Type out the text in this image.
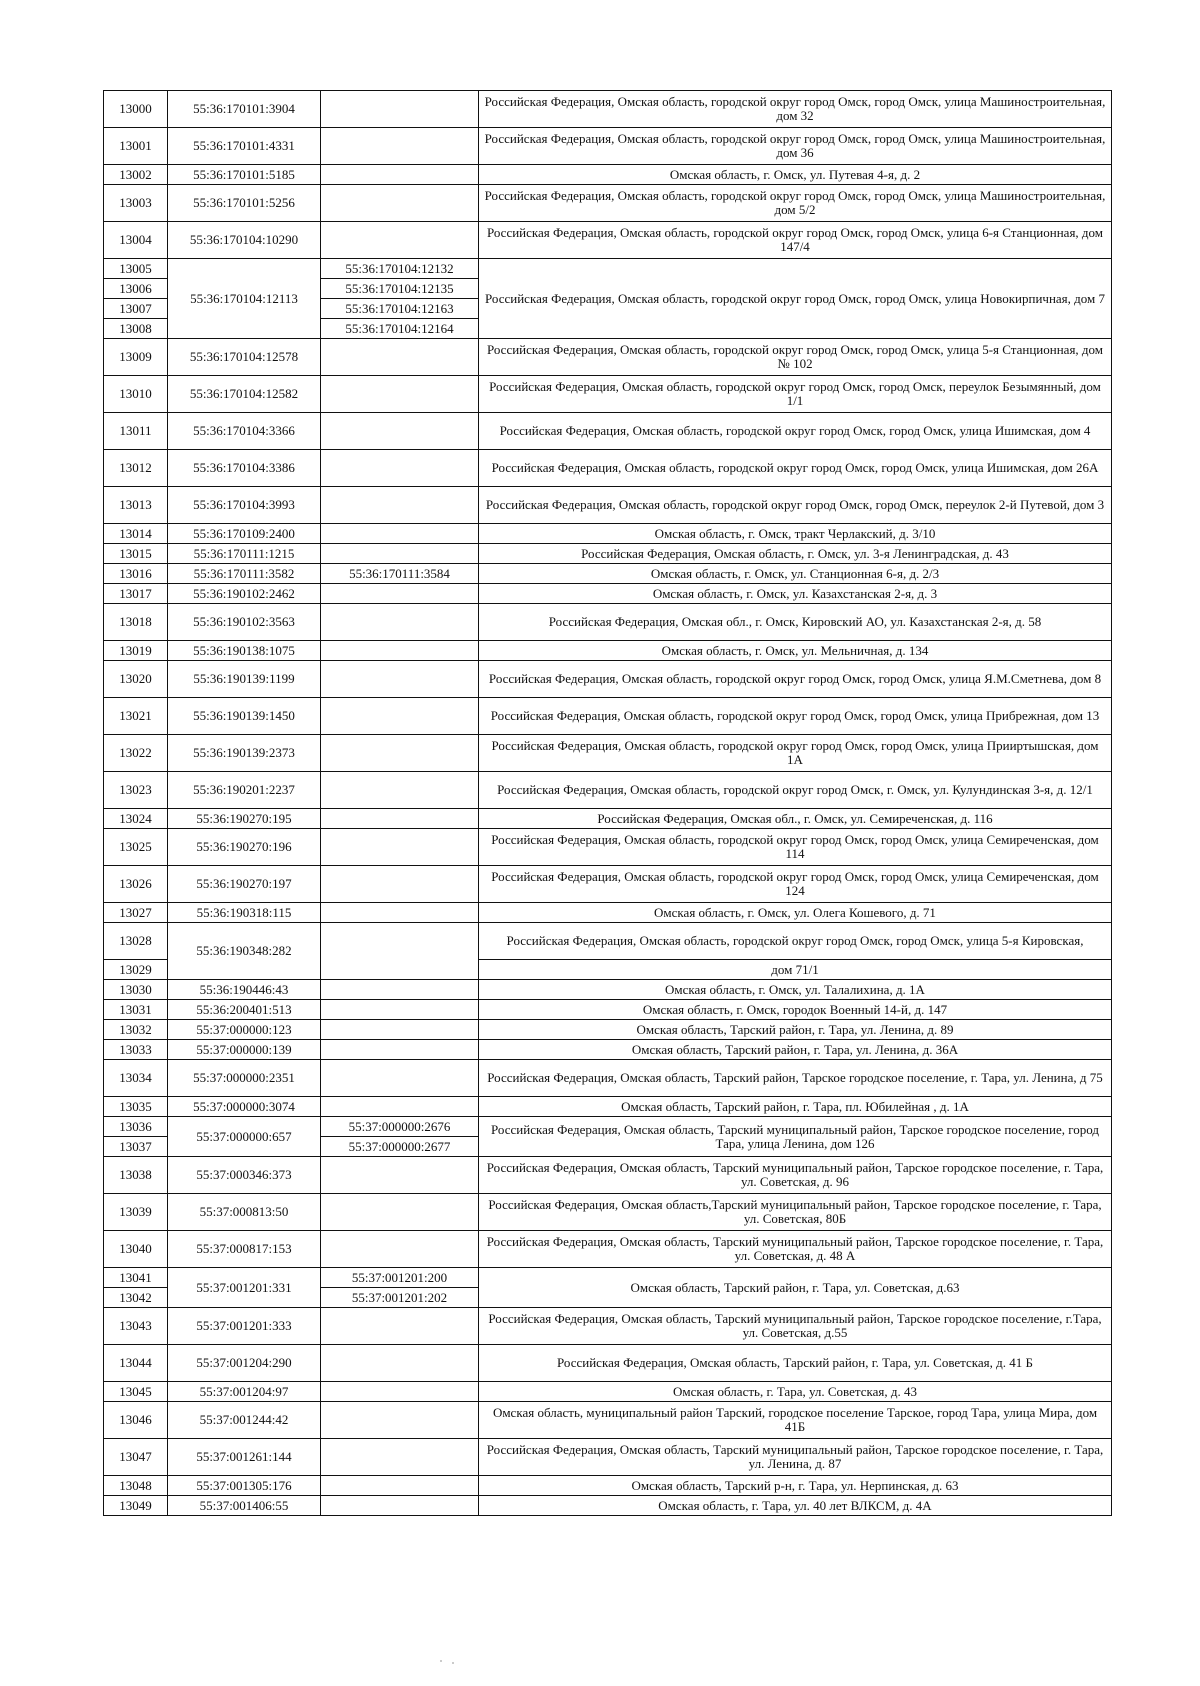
13000	55:36:170101:3904		Российская Федерация, Омская область, городской округ город Омск, город Омск, улица Машиностроительная, дом 32
13001	55:36:170101:4331		Российская Федерация, Омская область, городской округ город Омск, город Омск, улица Машиностроительная, дом 36
13002	55:36:170101:5185		Омская область, г. Омск, ул. Путевая 4-я, д. 2
13003	55:36:170101:5256		Российская Федерация, Омская область, городской округ город Омск, город Омск, улица Машиностроительная, дом 5/2
13004	55:36:170104:10290		Российская Федерация, Омская область, городской округ город Омск, город Омск, улица 6-я Станционная, дом 147/4
13005	55:36:170104:12113	55:36:170104:12132	Российская Федерация, Омская область, городской округ город Омск, город Омск, улица Новокирпичная, дом 7
13006		55:36:170104:12135	
13007		55:36:170104:12163	
13008		55:36:170104:12164	
13009	55:36:170104:12578		Российская Федерация, Омская область, городской округ город Омск, город Омск, улица 5-я Станционная, дом № 102
13010	55:36:170104:12582		Российская Федерация, Омская область, городской округ город Омск, город Омск, переулок Безымянный, дом 1/1
13011	55:36:170104:3366		Российская Федерация, Омская область, городской округ город Омск, город Омск, улица Ишимская, дом 4
13012	55:36:170104:3386		Российская Федерация, Омская область, городской округ город Омск, город Омск, улица Ишимская, дом 26А
13013	55:36:170104:3993		Российская Федерация, Омская область, городской округ город Омск, город Омск, переулок 2-й Путевой, дом 3
13014	55:36:170109:2400		Омская область, г. Омск, тракт Черлакский, д. 3/10
13015	55:36:170111:1215		Российская Федерация, Омская область, г. Омск, ул. 3-я Ленинградская, д. 43
13016	55:36:170111:3582	55:36:170111:3584	Омская область, г. Омск, ул. Станционная 6-я, д. 2/3
13017	55:36:190102:2462		Омская область, г. Омск, ул. Казахстанская 2-я, д. 3
13018	55:36:190102:3563		Российская Федерация, Омская обл., г. Омск, Кировский АО, ул. Казахстанская 2-я, д. 58
13019	55:36:190138:1075		Омская область, г. Омск, ул. Мельничная, д. 134
13020	55:36:190139:1199		Российская Федерация, Омская область, городской округ город Омск, город Омск, улица Я.М.Сметнева, дом 8
13021	55:36:190139:1450		Российская Федерация, Омская область, городской округ город Омск, город Омск, улица Прибрежная, дом 13
13022	55:36:190139:2373		Российская Федерация, Омская область, городской округ город Омск, город Омск, улица Прииртышская, дом 1А
13023	55:36:190201:2237		Российская Федерация, Омская область, городской округ город Омск, г. Омск, ул. Кулундинская 3-я, д. 12/1
13024	55:36:190270:195		Российская Федерация, Омская обл., г. Омск, ул. Семиреченская, д. 116
13025	55:36:190270:196		Российская Федерация, Омская область, городской округ город Омск, город Омск, улица Семиреченская, дом 114
13026	55:36:190270:197		Российская Федерация, Омская область, городской округ город Омск, город Омск, улица Семиреченская, дом 124
13027	55:36:190318:115		Омская область, г. Омск, ул. Олега Кошевого, д. 71
13028	55:36:190348:282		Российская Федерация, Омская область, городской округ город Омск, город Омск, улица 5-я Кировская,
13029			дом 71/1
13030	55:36:190446:43		Омская область, г. Омск, ул. Талалихина, д. 1А
13031	55:36:200401:513		Омская область, г. Омск, городок Военный 14-й, д. 147
13032	55:37:000000:123		Омская область, Тарский район, г. Тара, ул. Ленина, д. 89
13033	55:37:000000:139		Омская область, Тарский район, г. Тара, ул. Ленина, д. 36А
13034	55:37:000000:2351		Российская Федерация, Омская область, Тарский район, Тарское городское поселение, г. Тара, ул. Ленина, д 75
13035	55:37:000000:3074		Омская область, Тарский район, г. Тара, пл. Юбилейная , д. 1А
13036	55:37:000000:657	55:37:000000:2676	Российская Федерация, Омская область, Тарский муниципальный район, Тарское городское поселение, город Тара, улица Ленина, дом 126
13037		55:37:000000:2677	
13038	55:37:000346:373		Российская Федерация, Омская область, Тарский муниципальный район, Тарское городское поселение, г. Тара, ул. Советская, д. 96
13039	55:37:000813:50		Российская Федерация, Омская область,Тарский муниципальный район, Тарское городское поселение, г. Тара, ул. Советская, 80Б
13040	55:37:000817:153		Российская Федерация, Омская область, Тарский муниципальный район, Тарское городское поселение, г. Тара, ул. Советская, д. 48 А
13041	55:37:001201:331	55:37:001201:200	Омская область, Тарский район, г. Тара, ул. Советская, д.63
13042		55:37:001201:202	
13043	55:37:001201:333		Российская Федерация, Омская область, Тарский муниципальный район, Тарское городское поселение, г.Тара, ул. Советская, д.55
13044	55:37:001204:290		Российская Федерация, Омская область, Тарский район, г. Тара, ул. Советская, д. 41 Б
13045	55:37:001204:97		Омская область, г. Тара, ул. Советская, д. 43
13046	55:37:001244:42		Омская область, муниципальный район Тарский, городское поселение Тарское, город Тара, улица Мира, дом 41Б
13047	55:37:001261:144		Российская Федерация, Омская область, Тарский муниципальный район, Тарское городское поселение, г. Тара, ул. Ленина, д. 87
13048	55:37:001305:176		Омская область, Тарский р-н, г. Тара, ул. Нерпинская, д. 63
13049	55:37:001406:55		Омская область, г. Тара, ул. 40 лет ВЛКСМ, д. 4А
